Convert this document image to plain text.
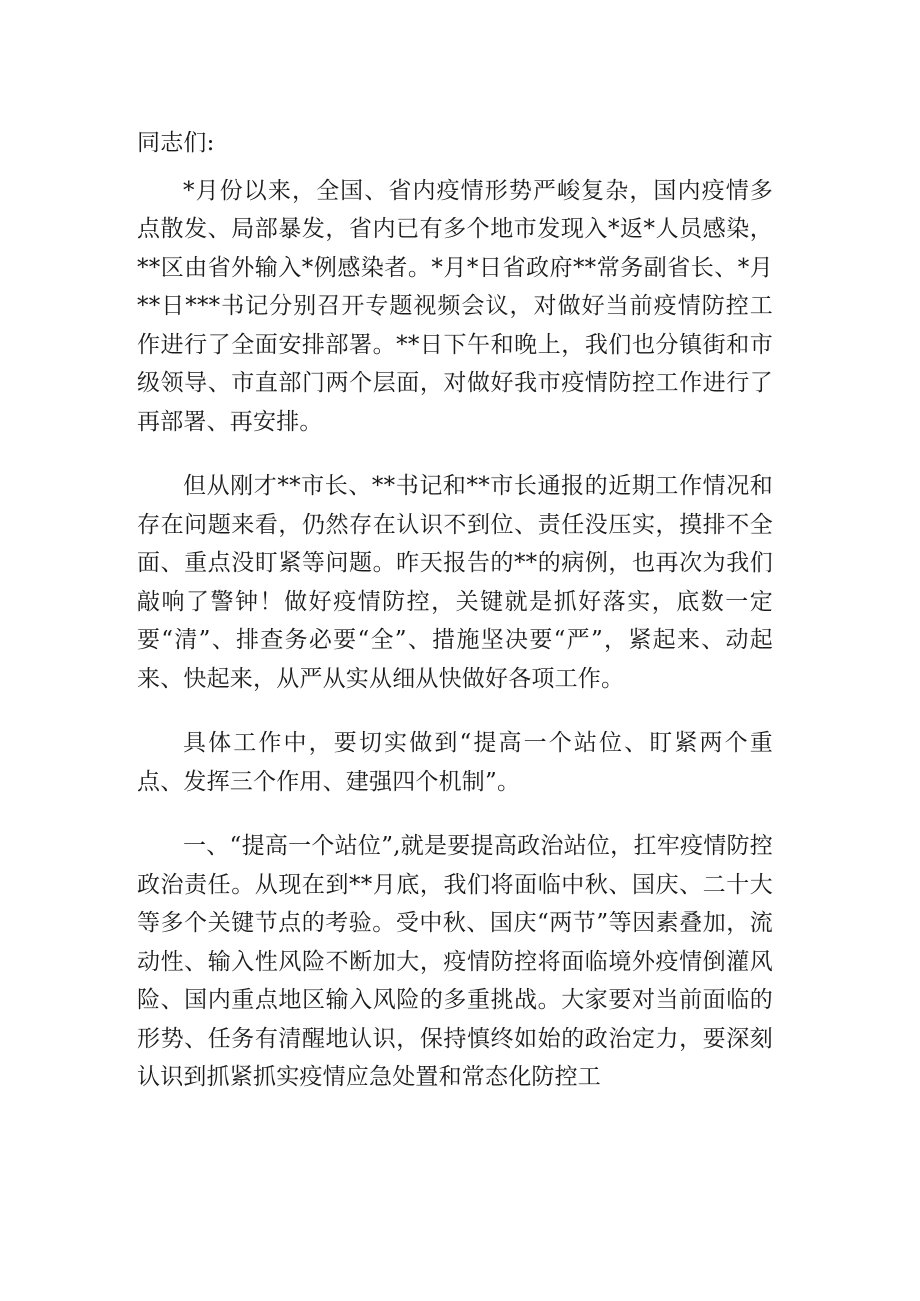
同志们:

*月份以来，全国、省内疫情形势严峻复杂，国内疫情多点散发、局部暴发，省内已有多个地市发现入*返*人员感染，**区由省外输入*例感染者。*月*日省政府**常务副省长、*月**日***书记分别召开专题视频会议，对做好当前疫情防控工作进行了全面安排部署。**日下午和晚上，我们也分镇街和市级领导、市直部门两个层面，对做好我市疫情防控工作进行了再部署、再安排。

但从刚才**市长、**书记和**市长通报的近期工作情况和存在问题来看，仍然存在认识不到位、责任没压实，摸排不全面、重点没盯紧等问题。昨天报告的**的病例，也再次为我们敲响了警钟！做好疫情防控，关键就是抓好落实，底数一定要“清”、排查务必要“全”、措施坚决要“严”，紧起来、动起来、快起来，从严从实从细从快做好各项工作。

具体工作中，要切实做到“提高一个站位、盯紧两个重点、发挥三个作用、建强四个机制”。

一、“提高一个站位”,就是要提高政治站位，扛牢疫情防控政治责任。从现在到**月底，我们将面临中秋、国庆、二十大等多个关键节点的考验。受中秋、国庆“两节”等因素叠加，流动性、输入性风险不断加大，疫情防控将面临境外疫情倒灌风险、国内重点地区输入风险的多重挑战。大家要对当前面临的形势、任务有清醒地认识，保持慎终如始的政治定力，要深刻认识到抓紧抓实疫情应急处置和常态化防控工
